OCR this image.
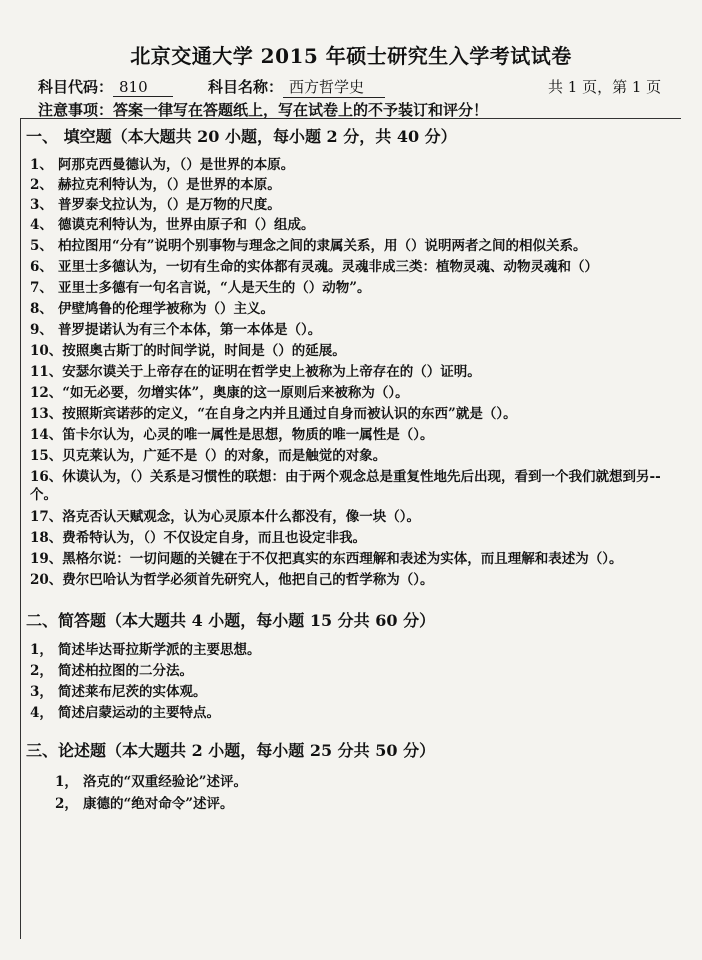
北京交通大学 2015 年硕士研究生入学考试试卷
科目代码： 810	科目名称： 西方哲学史	共 1 页，第 1 页
注意事项：答案一律写在答题纸上，写在试卷上的不予装订和评分！
一、 填空题（本大题共 20 小题，每小题 2 分，共 40 分）
1、 阿那克西曼德认为，（）是世界的本原。
2、 赫拉克利特认为，（）是世界的本原。
3、 普罗泰戈拉认为，（）是万物的尺度。
4、 德谟克利特认为，世界由原子和（）组成。
5、 柏拉图用“分有”说明个别事物与理念之间的隶属关系，用（）说明两者之间的相似关系。
6、 亚里士多德认为，一切有生命的实体都有灵魂。灵魂非成三类：植物灵魂、动物灵魂和（）
7、 亚里士多德有一句名言说，“人是天生的（）动物”。
8、 伊壁鸠鲁的伦理学被称为（）主义。
9、 普罗提诺认为有三个本体，第一本体是（）。
10、按照奥古斯丁的时间学说，时间是（）的延展。
11、安瑟尔谟关于上帝存在的证明在哲学史上被称为上帝存在的（）证明。
12、“如无必要，勿增实体”，奥康的这一原则后来被称为（）。
13、按照斯宾诺莎的定义，“在自身之内并且通过自身而被认识的东西”就是（）。
14、笛卡尔认为，心灵的唯一属性是思想，物质的唯一属性是（）。
15、贝克莱认为，广延不是（）的对象，而是触觉的对象。
16、休谟认为，（）关系是习惯性的联想：由于两个观念总是重复性地先后出现，看到一个我们就想到另--个。
17、洛克否认天赋观念，认为心灵原本什么都没有，像一块（）。
18、费希特认为，（）不仅设定自身，而且也设定非我。
19、黑格尔说：一切问题的关键在于不仅把真实的东西理解和表述为实体，而且理解和表述为（）。
20、费尔巴哈认为哲学必须首先研究人，他把自己的哲学称为（）。
二、简答题（本大题共 4 小题，每小题 15 分共 60 分）
1， 简述毕达哥拉斯学派的主要思想。
2， 简述柏拉图的二分法。
3， 简述莱布尼茨的实体观。
4， 简述启蒙运动的主要特点。
三、论述题（本大题共 2 小题，每小题 25 分共 50 分）
1， 洛克的“双重经验论”述评。
2， 康德的“绝对命令”述评。
